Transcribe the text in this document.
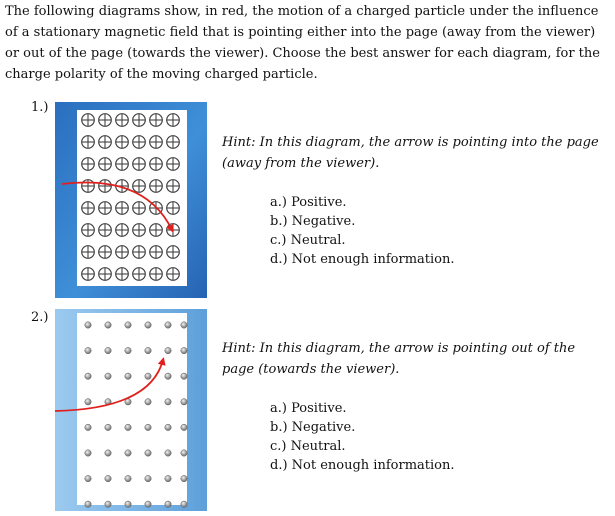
The following diagrams show, in red, the motion of a charged particle under the influence of a stationary magnetic field that is pointing either into the page (away from the viewer) or out of the page (towards the viewer). Choose the best answer for each diagram, for the charge polarity of the moving charged particle.
1.)
Hint: In this diagram, the arrow is pointing into the page (away from the viewer).
a.) Positive.
b.) Negative.
c.) Neutral.
d.) Not enough information.
2.)
Hint: In this diagram, the arrow is pointing out of the page (towards the viewer).
a.) Positive.
b.) Negative.
c.) Neutral.
d.) Not enough information.
